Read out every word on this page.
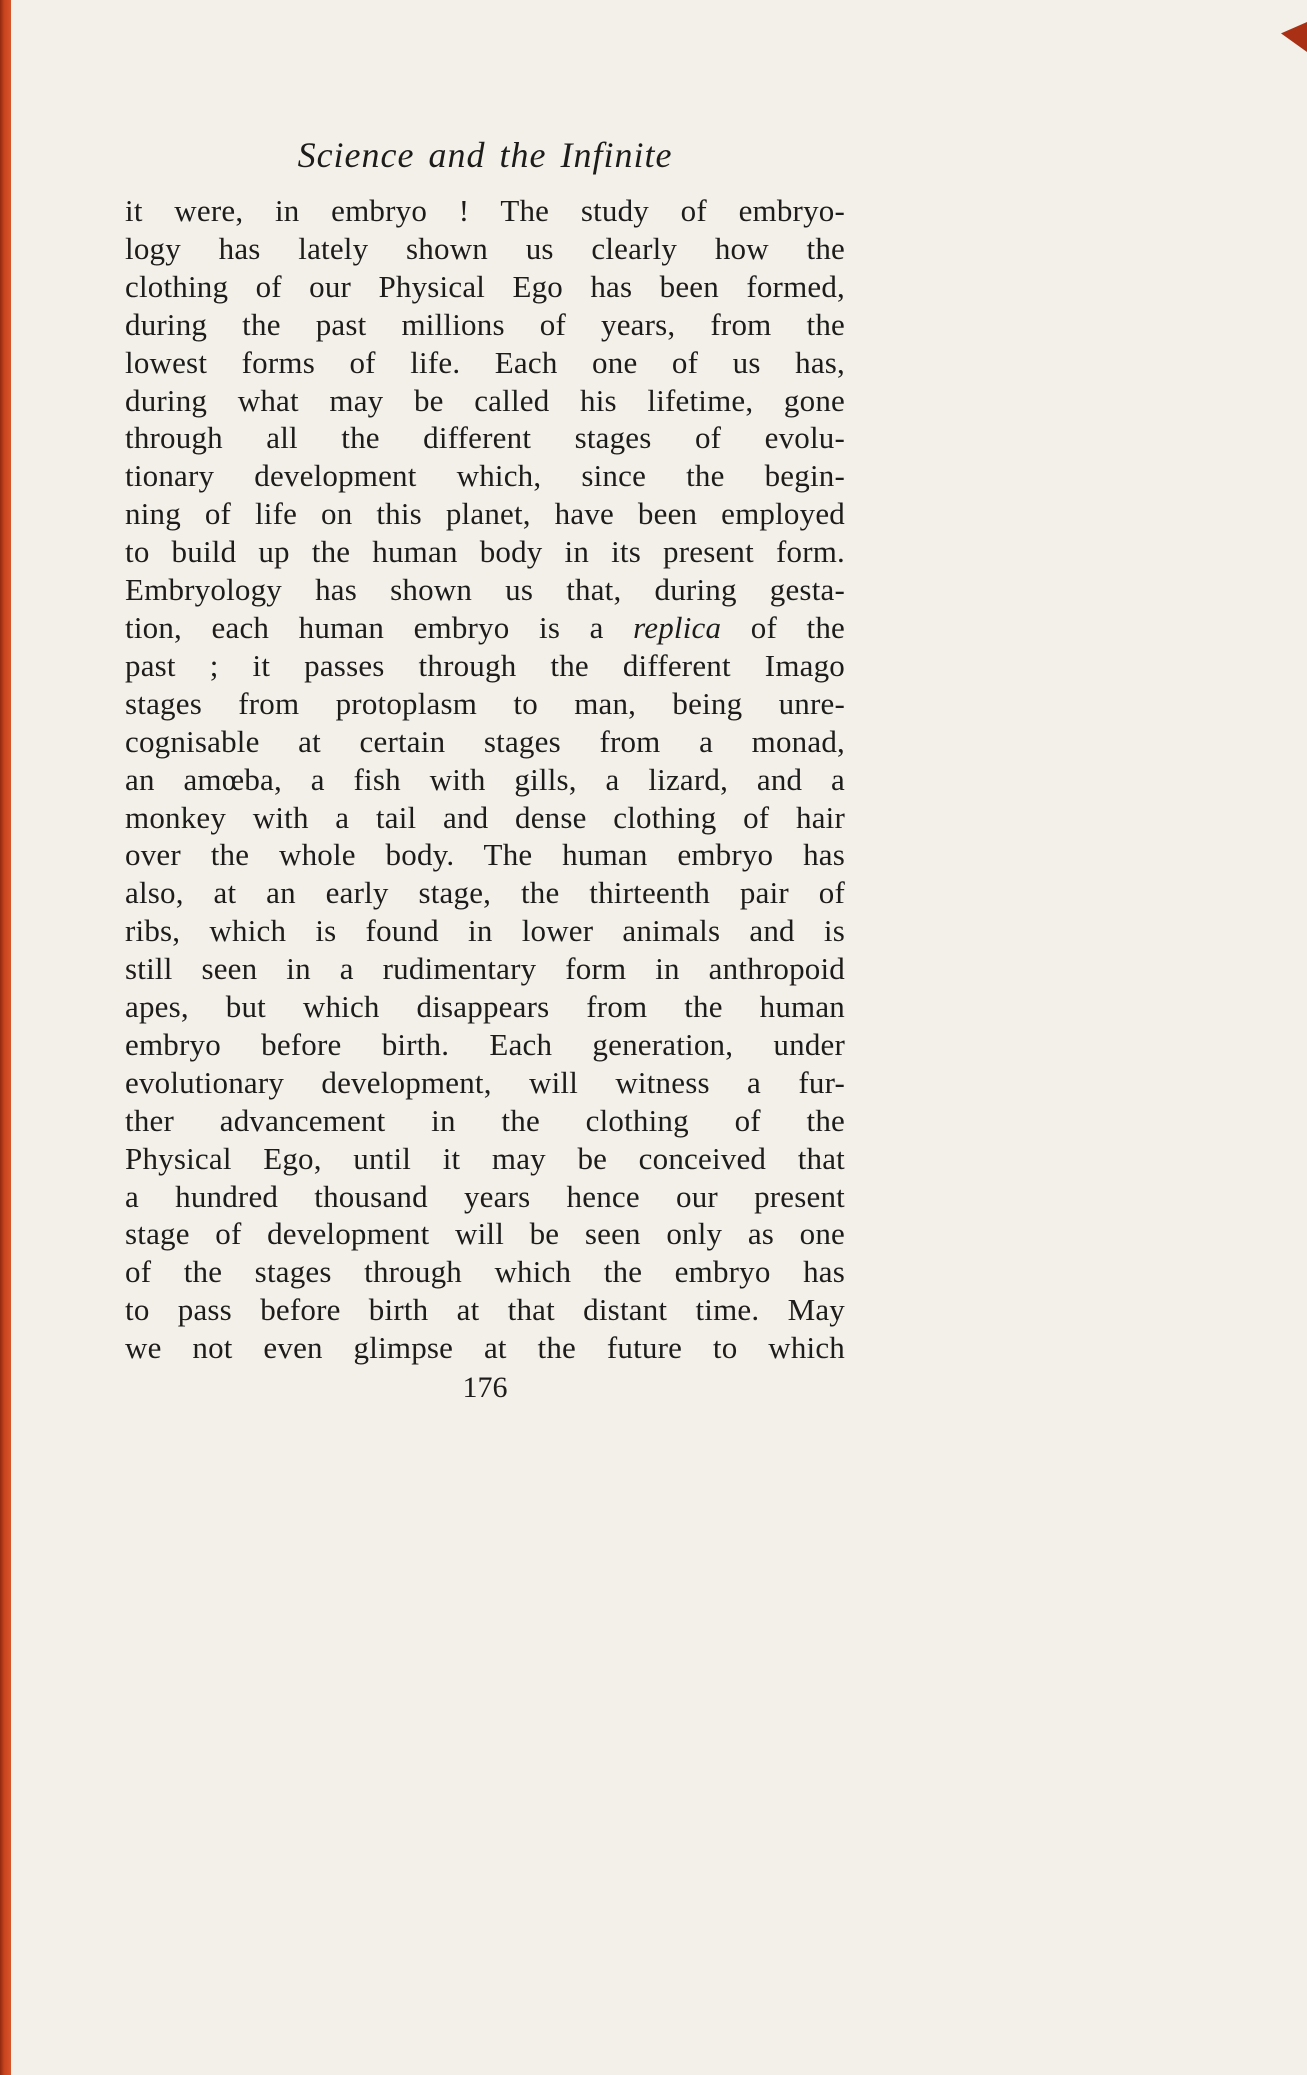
Science and the Infinite
it were, in embryo ! The study of embryo-
logy has lately shown us clearly how the
clothing of our Physical Ego has been formed,
during the past millions of years, from the
lowest forms of life. Each one of us has,
during what may be called his lifetime, gone
through all the different stages of evolu-
tionary development which, since the begin-
ning of life on this planet, have been employed
to build up the human body in its present form.
Embryology has shown us that, during gesta-
tion, each human embryo is a replica of the
past ; it passes through the different Imago
stages from protoplasm to man, being unre-
cognisable at certain stages from a monad,
an amœba, a fish with gills, a lizard, and a
monkey with a tail and dense clothing of hair
over the whole body. The human embryo has
also, at an early stage, the thirteenth pair of
ribs, which is found in lower animals and is
still seen in a rudimentary form in anthropoid
apes, but which disappears from the human
embryo before birth. Each generation, under
evolutionary development, will witness a fur-
ther advancement in the clothing of the
Physical Ego, until it may be conceived that
a hundred thousand years hence our present
stage of development will be seen only as one
of the stages through which the embryo has
to pass before birth at that distant time. May
we not even glimpse at the future to which
176
